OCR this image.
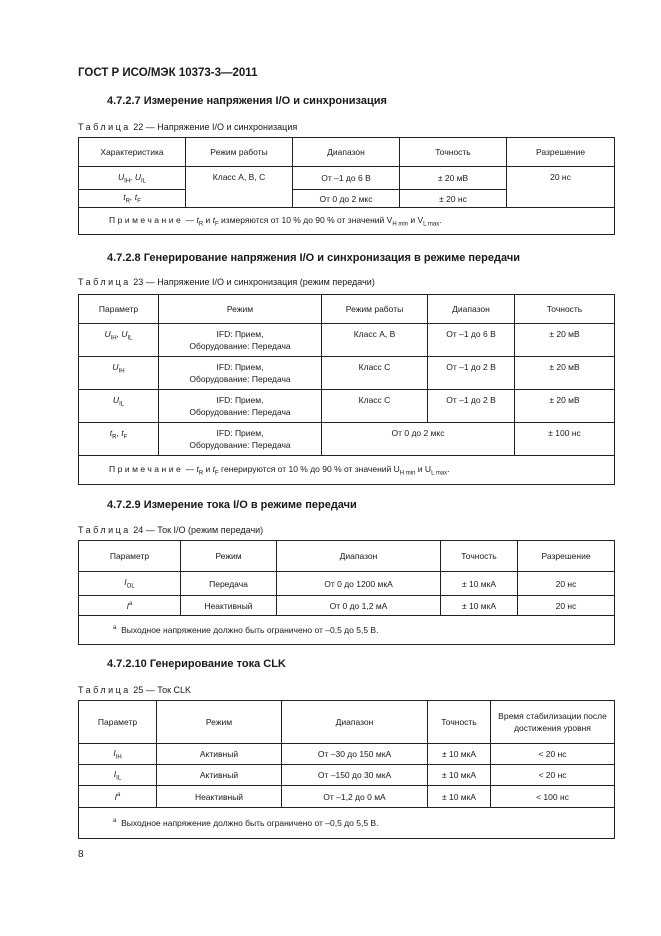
ГОСТ Р ИСО/МЭК 10373-3—2011

4.7.2.7 Измерение напряжения I/O и синхронизация

Таблица 22 — Напряжение I/O и синхронизация

Характеристика	Режим работы	Диапазон	Точность	Разрешение
$U_{IH}$, $U_{IL}$	Класс А, В, С	От –1 до 6 В	± 20 мВ	20 нс
$t_R$, $t_F$		От 0 до 2 мкс	± 20 нс	
Примечание — $t_R$ и $t_F$ измеряются от 10 % до 90 % от значений $V_{H min}$ и $V_{L max}$.				

4.7.2.8 Генерирование напряжения I/O и синхронизация в режиме передачи

Таблица 23 — Напряжение I/O и синхронизация (режим передачи)

Параметр	Режим	Режим работы	Диапазон	Точность
$U_{IH}$, $U_{IL}$	IFD: Прием,
Оборудование: Передача	Класс А, В	От –1 до 6 В	± 20 мВ
$U_{IH}$	IFD: Прием,
Оборудование: Передача	Класс С	От –1 до 2 В	± 20 мВ
$U_{IL}$	IFD: Прием,
Оборудование: Передача	Класс С	От –1 до 2 В	± 20 мВ
$t_R$, $t_F$	IFD: Прием,
Оборудование: Передача	От 0 до 2 мкс		± 100 нс
Примечание — $t_R$ и $t_F$ генерируются от 10 % до 90 % от значений $U_{H min}$ и $U_{L max}$.				

4.7.2.9 Измерение тока I/O в режиме передачи

Таблица 24 — Ток I/O (режим передачи)

Параметр	Режим	Диапазон	Точность	Разрешение
$I_{OL}$	Передача	От 0 до 1200 мкА	± 10 мкА	20 нс
$I^a$	Неактивный	От 0 до 1,2 мА	± 10 мкА	20 нс
$^a$ Выходное напряжение должно быть ограничено от –0,5 до 5,5 В.				

4.7.2.10 Генерирование тока CLK

Таблица 25 — Ток CLK

Параметр	Режим	Диапазон	Точность	Время стабилизации после
достижения уровня
$I_{IH}$	Активный	От –30 до 150 мкА	± 10 мкА	< 20 нс
$I_{IL}$	Активный	От –150 до 30 мкА	± 10 мкА	< 20 нс
$I^a$	Неактивный	От –1,2 до 0 мА	± 10 мкА	< 100 нс
$^a$ Выходное напряжение должно быть ограничено от –0,5 до 5,5 В.				

8
